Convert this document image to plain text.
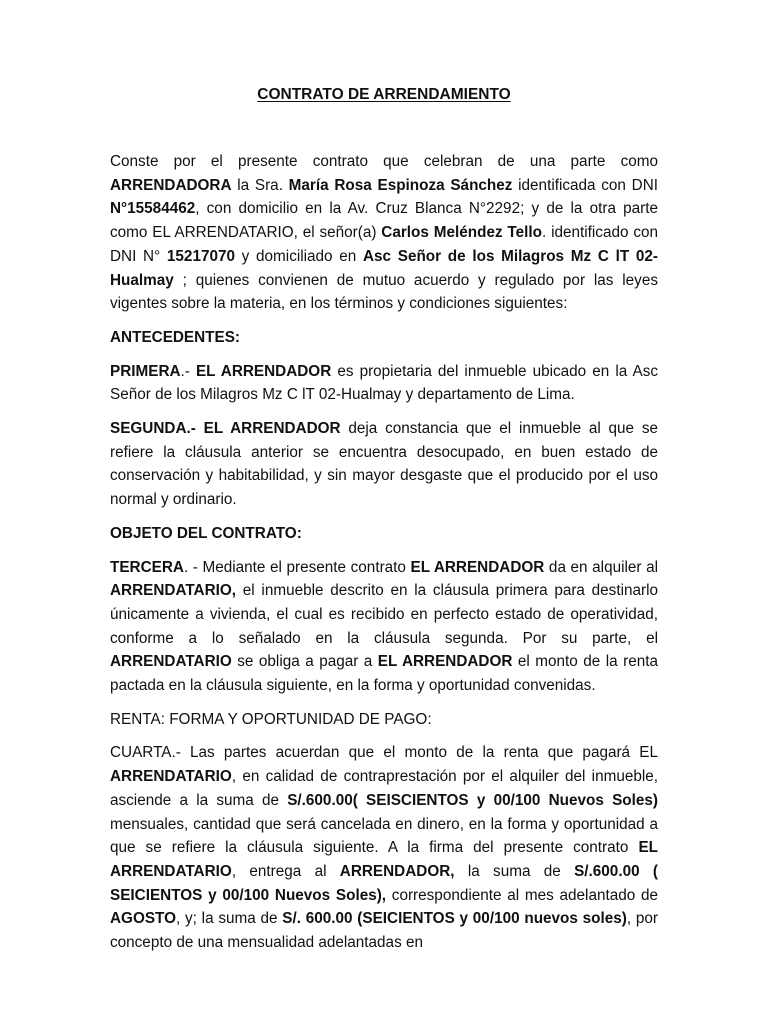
CONTRATO DE ARRENDAMIENTO

Conste por el presente contrato que celebran de una parte como ARRENDADORA la Sra. María Rosa Espinoza Sánchez identificada con DNI N°15584462, con domicilio en la Av. Cruz Blanca N°2292; y de la otra parte como EL ARRENDATARIO, el señor(a) Carlos Meléndez Tello. identificado con DNI N° 15217070 y domiciliado en Asc Señor de los Milagros Mz C lT 02-Hualmay ; quienes convienen de mutuo acuerdo y regulado por las leyes vigentes sobre la materia, en los términos y condiciones siguientes:

ANTECEDENTES:

PRIMERA.- EL ARRENDADOR es propietaria del inmueble ubicado en la Asc Señor de los Milagros Mz C lT 02-Hualmay y departamento de Lima.

SEGUNDA.- EL ARRENDADOR deja constancia que el inmueble al que se refiere la cláusula anterior se encuentra desocupado, en buen estado de conservación y habitabilidad, y sin mayor desgaste que el producido por el uso normal y ordinario.

OBJETO DEL CONTRATO:

TERCERA. - Mediante el presente contrato EL ARRENDADOR da en alquiler al ARRENDATARIO, el inmueble descrito en la cláusula primera para destinarlo únicamente a vivienda, el cual es recibido en perfecto estado de operatividad, conforme a lo señalado en la cláusula segunda. Por su parte, el ARRENDATARIO se obliga a pagar a EL ARRENDADOR el monto de la renta pactada en la cláusula siguiente, en la forma y oportunidad convenidas.

RENTA: FORMA Y OPORTUNIDAD DE PAGO:

CUARTA.- Las partes acuerdan que el monto de la renta que pagará EL ARRENDATARIO, en calidad de contraprestación por el alquiler del inmueble, asciende a la suma de S/.600.00( SEISCIENTOS y 00/100 Nuevos Soles) mensuales, cantidad que será cancelada en dinero, en la forma y oportunidad a que se refiere la cláusula siguiente. A la firma del presente contrato EL ARRENDATARIO, entrega al ARRENDADOR, la suma de S/.600.00 ( SEICIENTOS y 00/100 Nuevos Soles), correspondiente al mes adelantado de AGOSTO, y; la suma de S/. 600.00 (SEICIENTOS y 00/100 nuevos soles), por concepto de una mensualidad adelantadas en
